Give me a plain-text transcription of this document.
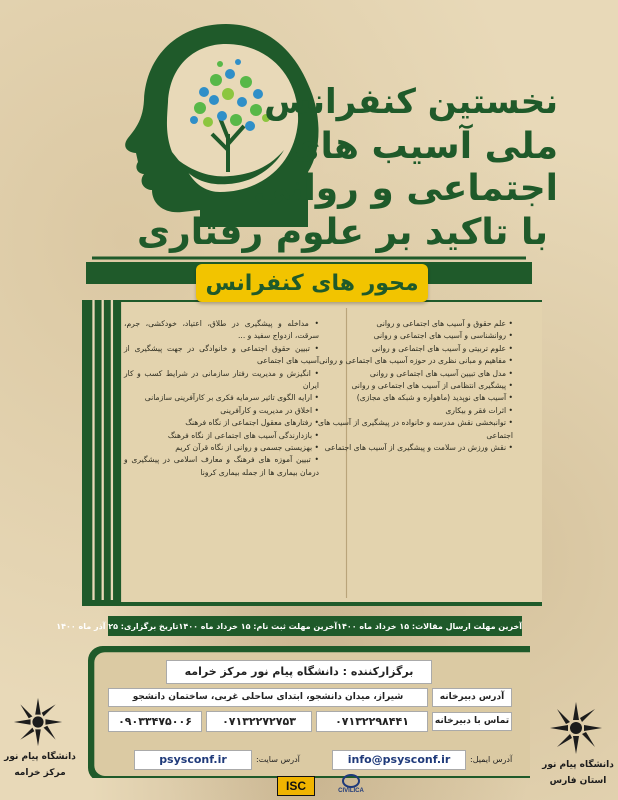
نخستین کنفرانس
ملی آسیب های
اجتماعی و روانی
با تاکید بر علوم رفتاری
محور های کنفرانس
• علم حقوق و آسیب های اجتماعی و روانی
• روانشناسی و آسیب های اجتماعی و روانی
• علوم تربیتی و آسیب های اجتماعی و روانی
• مفاهیم و مبانی نظری در حوزه آسیب های اجتماعی و روانی
• مدل های تبیین آسیب های اجتماعی و روانی
• پیشگیری انتظامی از آسیب های اجتماعی و روانی
• آسیب های نوپدید (ماهواره و شبکه های مجازی)
• اثرات فقر و بیکاری
• توانبخشی نقش مدرسه و خانواده در پیشگیری از آسیب های اجتماعی
• نقش ورزش در سلامت و پیشگیری از آسیب های اجتماعی
• مداخله و پیشگیری در طلاق، اعتیاد، خودکشی، جرم، سرقت، ازدواج سفید و ...
• تبیین حقوق اجتماعی و خانوادگی در جهت پیشگیری از آسیب های اجتماعی
• انگیزش و مدیریت رفتار سازمانی در شرایط کسب و کار ایران
• ارایه الگوی تاثیر سرمایه فکری بر کارآفرینی سازمانی
• اخلاق در مدیریت و کارآفرینی
• رفتارهای معقول اجتماعی از نگاه فرهنگ
• بازدارندگی آسیب های اجتماعی از نگاه فرهنگ
• بهزیستی جسمی و روانی از نگاه قرآن کریم
• تبیین آموزه های فرهنگ و معارف اسلامی در پیشگیری و درمان بیماری ها از جمله بیماری کرونا
آخرین مهلت ارسال مقالات: ۱۵ خرداد ماه ۱۴۰۰
آخرین مهلت ثبت نام: ۱۵ خرداد ماه ۱۴۰۰
تاریخ برگزاری: ۲۵ آذر ماه ۱۴۰۰
برگزارکننده : دانشگاه پیام نور مرکز خرامه
آدرس دبیرخانه
شیراز، میدان دانشجو، ابتدای ساحلی غربی، ساختمان دانشجو
تماس با دبیرخانه
۰۷۱۳۲۲۹۸۴۴۱
۰۷۱۳۲۲۷۲۷۵۳
۰۹۰۳۳۴۷۵۰۰۶
آدرس ایمیل:
info@psysconf.ir
آدرس سایت:
psysconf.ir	دانشگاه پیام نور
استان فارس
دانشگاه پیام نور
مرکز خرامه
ISC	CIVILICA
